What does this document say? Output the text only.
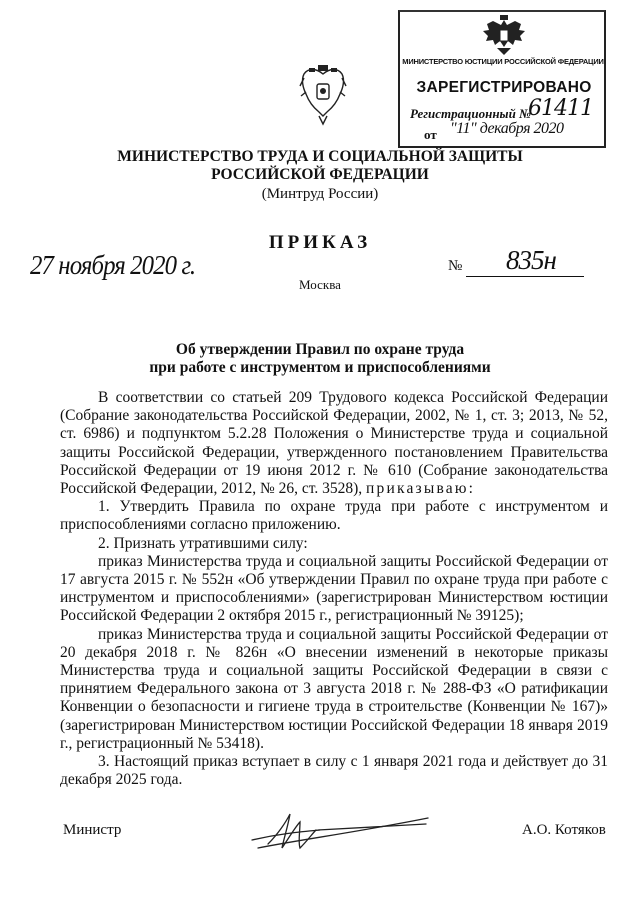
МИНИСТЕРСТВО ЮСТИЦИИ РОССИЙСКОЙ ФЕДЕРАЦИИ
ЗАРЕГИСТРИРОВАНО
Регистрационный №
61411
от "11" декабря 2020
МИНИСТЕРСТВО ТРУДА И СОЦИАЛЬНОЙ ЗАЩИТЫ
РОССИЙСКОЙ ФЕДЕРАЦИИ
(Минтруд России)
ПРИКАЗ
27 ноября 2020 г.	№ 835н
Москва
Об утверждении Правил по охране труда
при работе с инструментом и приспособлениями

В соответствии со статьей 209 Трудового кодекса Российской Федерации (Собрание законодательства Российской Федерации, 2002, № 1, ст. 3; 2013, № 52, ст. 6986) и подпунктом 5.2.28 Положения о Министерстве труда и социальной защиты Российской Федерации, утвержденного постановлением Правительства Российской Федерации от 19 июня 2012 г. № 610 (Собрание законодательства Российской Федерации, 2012, № 26, ст. 3528), приказываю:

1. Утвердить Правила по охране труда при работе с инструментом и приспособлениями согласно приложению.

2. Признать утратившими силу:

приказ Министерства труда и социальной защиты Российской Федерации от 17 августа 2015 г. № 552н «Об утверждении Правил по охране труда при работе с инструментом и приспособлениями» (зарегистрирован Министерством юстиции Российской Федерации 2 октября 2015 г., регистрационный № 39125);

приказ Министерства труда и социальной защиты Российской Федерации от 20 декабря 2018 г. № 826н «О внесении изменений в некоторые приказы Министерства труда и социальной защиты Российской Федерации в связи с принятием Федерального закона от 3 августа 2018 г. № 288-ФЗ «О ратификации Конвенции о безопасности и гигиене труда в строительстве (Конвенции № 167)» (зарегистрирован Министерством юстиции Российской Федерации 18 января 2019 г., регистрационный № 53418).

3. Настоящий приказ вступает в силу с 1 января 2021 года и действует до 31 декабря 2025 года.

Министр	А.О. Котяков
